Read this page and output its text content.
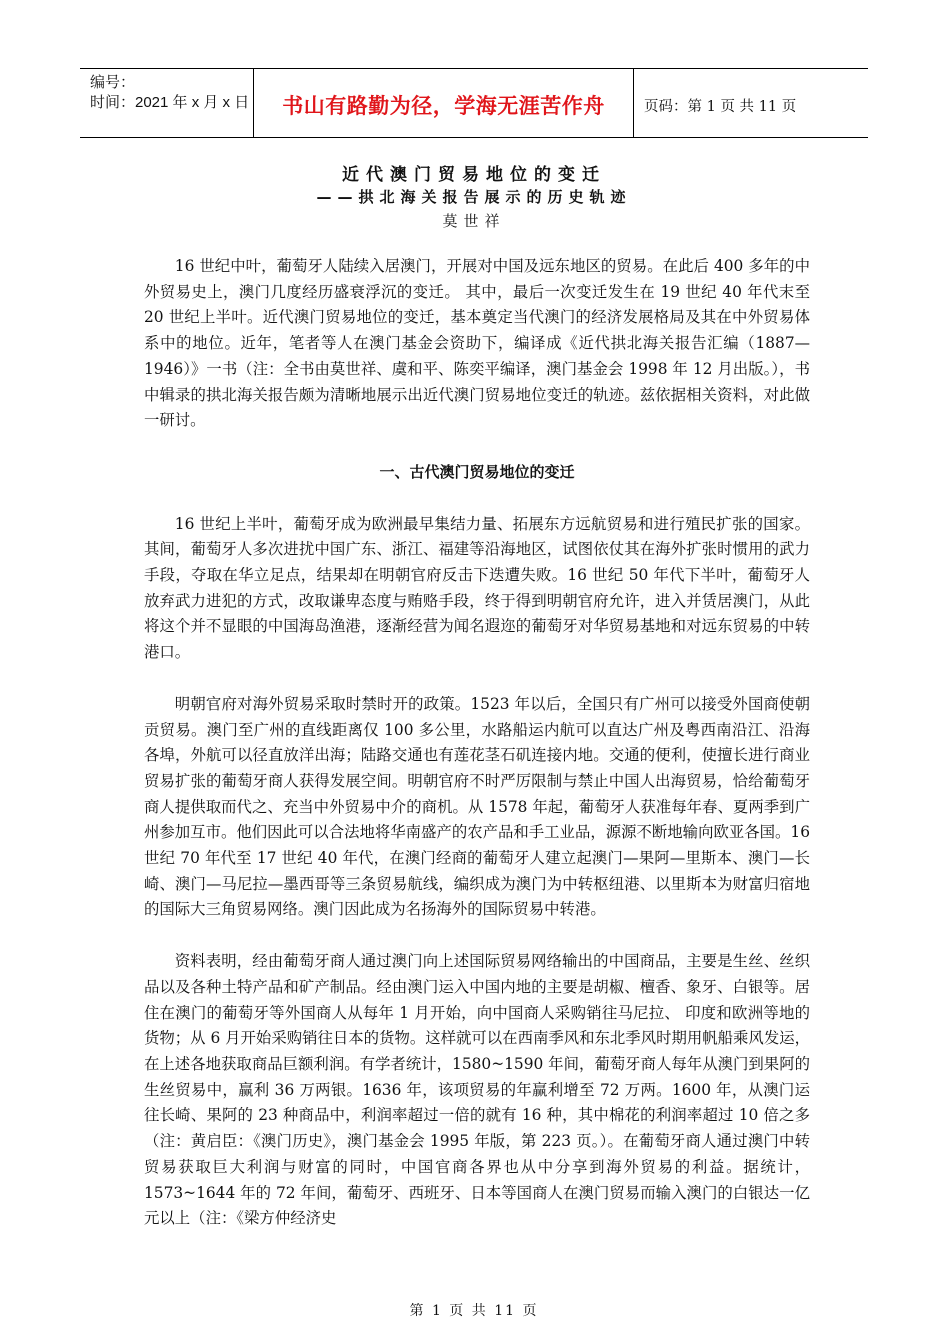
编号：
时间：2021 年 x 月 x 日 书山有路勤为径，学海无涯苦作舟	页码：第 1 页 共 11 页
近代澳门贸易地位的变迁
——拱北海关报告展示的历史轨迹
莫世祥

16 世纪中叶，葡萄牙人陆续入居澳门，开展对中国及远东地区的贸易。在此后 400 多年的中外贸易史上，澳门几度经历盛衰浮沉的变迁。 其中，最后一次变迁发生在 19 世纪 40 年代末至 20 世纪上半叶。近代澳门贸易地位的变迁，基本奠定当代澳门的经济发展格局及其在中外贸易体系中的地位。近年，笔者等人在澳门基金会资助下，编译成《近代拱北海关报告汇编（1887—1946）》一书（注：全书由莫世祥、虞和平、陈奕平编译，澳门基金会 1998 年 12 月出版。），书中辑录的拱北海关报告颇为清晰地展示出近代澳门贸易地位变迁的轨迹。兹依据相关资料，对此做一研讨。

一、古代澳门贸易地位的变迁

16 世纪上半叶，葡萄牙成为欧洲最早集结力量、拓展东方远航贸易和进行殖民扩张的国家。其间，葡萄牙人多次进扰中国广东、浙江、福建等沿海地区，试图依仗其在海外扩张时惯用的武力手段，夺取在华立足点，结果却在明朝官府反击下迭遭失败。16 世纪 50 年代下半叶，葡萄牙人放弃武力进犯的方式，改取谦卑态度与贿赂手段，终于得到明朝官府允许，进入并赁居澳门，从此将这个并不显眼的中国海岛渔港，逐渐经营为闻名遐迩的葡萄牙对华贸易基地和对远东贸易的中转港口。

明朝官府对海外贸易采取时禁时开的政策。1523 年以后，全国只有广州可以接受外国商使朝贡贸易。澳门至广州的直线距离仅 100 多公里，水路船运内航可以直达广州及粤西南沿江、沿海各埠，外航可以径直放洋出海；陆路交通也有莲花茎石矶连接内地。交通的便利，使擅长进行商业贸易扩张的葡萄牙商人获得发展空间。明朝官府不时严厉限制与禁止中国人出海贸易，恰给葡萄牙商人提供取而代之、充当中外贸易中介的商机。从 1578 年起，葡萄牙人获准每年春、夏两季到广州参加互市。他们因此可以合法地将华南盛产的农产品和手工业品，源源不断地输向欧亚各国。16 世纪 70 年代至 17 世纪 40 年代，在澳门经商的葡萄牙人建立起澳门—果阿—里斯本、澳门—长崎、澳门—马尼拉—墨西哥等三条贸易航线，编织成为澳门为中转枢纽港、以里斯本为财富归宿地的国际大三角贸易网络。澳门因此成为名扬海外的国际贸易中转港。

资料表明，经由葡萄牙商人通过澳门向上述国际贸易网络输出的中国商品，主要是生丝、丝织品以及各种土特产品和矿产制品。经由澳门运入中国内地的主要是胡椒、檀香、象牙、白银等。居住在澳门的葡萄牙等外国商人从每年 1 月开始，向中国商人采购销往马尼拉、 印度和欧洲等地的货物；从 6 月开始采购销往日本的货物。这样就可以在西南季风和东北季风时期用帆船乘风发运，在上述各地获取商品巨额利润。有学者统计，1580~1590 年间，葡萄牙商人每年从澳门到果阿的生丝贸易中，赢利 36 万两银。1636 年，该项贸易的年赢利增至 72 万两。1600 年，从澳门运往长崎、果阿的 23 种商品中，利润率超过一倍的就有 16 种，其中棉花的利润率超过 10 倍之多（注：黄启臣：《澳门历史》，澳门基金会 1995 年版，第 223 页。）。在葡萄牙商人通过澳门中转贸易获取巨大利润与财富的同时，中国官商各界也从中分享到海外贸易的利益。据统计，1573~1644 年的 72 年间，葡萄牙、西班牙、日本等国商人在澳门贸易而输入澳门的白银达一亿元以上（注：《梁方仲经济史

第 1 页 共 11 页
